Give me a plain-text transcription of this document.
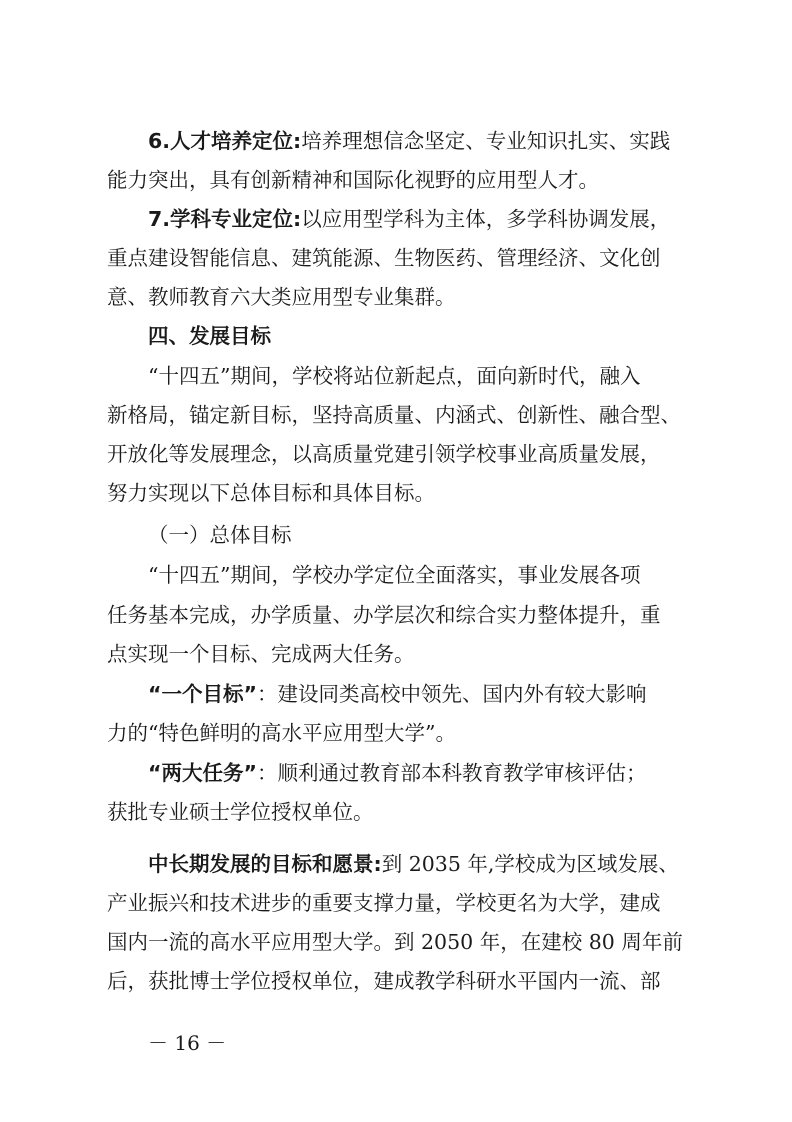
6.人才培养定位:培养理想信念坚定、专业知识扎实、实践
能力突出，具有创新精神和国际化视野的应用型人才。
7.学科专业定位:以应用型学科为主体，多学科协调发展，
重点建设智能信息、建筑能源、生物医药、管理经济、文化创
意、教师教育六大类应用型专业集群。
四、发展目标
“十四五”期间，学校将站位新起点，面向新时代，融入
新格局，锚定新目标，坚持高质量、内涵式、创新性、融合型、
开放化等发展理念，以高质量党建引领学校事业高质量发展，
努力实现以下总体目标和具体目标。
（一）总体目标
“十四五”期间，学校办学定位全面落实，事业发展各项
任务基本完成，办学质量、办学层次和综合实力整体提升，重
点实现一个目标、完成两大任务。
“一个目标”：建设同类高校中领先、国内外有较大影响
力的“特色鲜明的高水平应用型大学”。
“两大任务”：顺利通过教育部本科教育教学审核评估；
获批专业硕士学位授权单位。
中长期发展的目标和愿景:到 2035 年,学校成为区域发展、
产业振兴和技术进步的重要支撑力量，学校更名为大学，建成
国内一流的高水平应用型大学。到 2050 年，在建校 80 周年前
后，获批博士学位授权单位，建成教学科研水平国内一流、部
－ 16 －
